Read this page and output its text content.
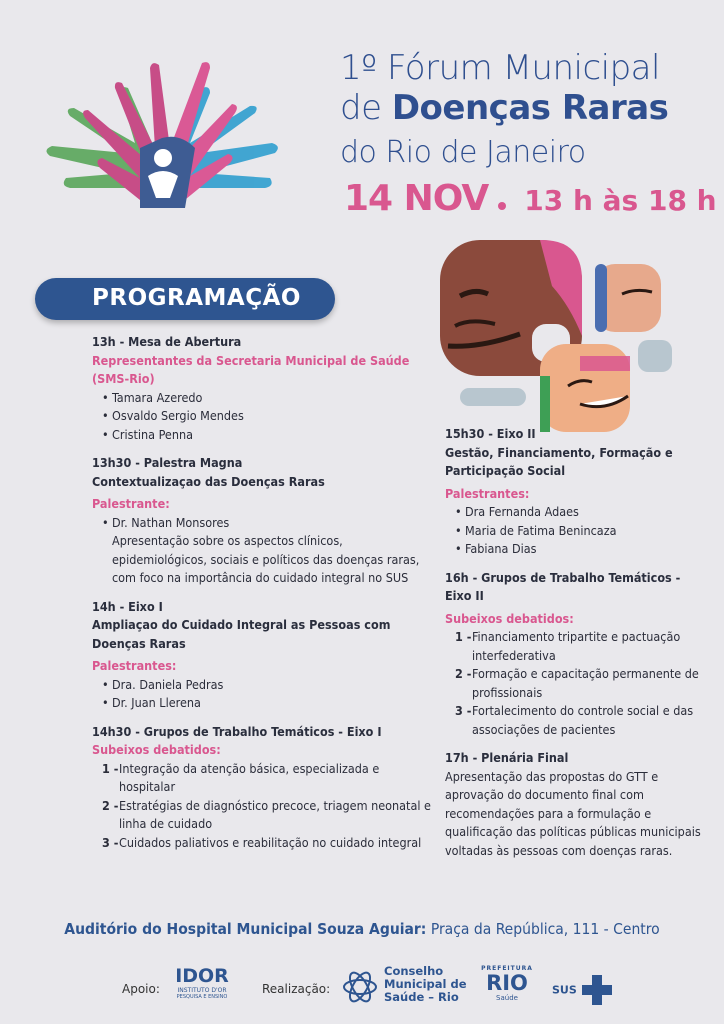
1º Fórum Municipal
de Doenças Raras
do Rio de Janeiro
14 NOV 13 h às 18 h
PROGRAMAÇÃO
13h - Mesa de Abertura
Representantes da Secretaria Municipal de Saúde (SMS-Rio)
• Tamara Azeredo
• Osvaldo Sergio Mendes
• Cristina Penna
13h30 - Palestra Magna
Contextualizaçao das Doenças Raras
Palestrante:
• Dr. Nathan Monsores
Apresentação sobre os aspectos clínicos, epidemiológicos, sociais e políticos das doenças raras, com foco na importância do cuidado integral no SUS
14h - Eixo I
Ampliaçao do Cuidado Integral as Pessoas com Doenças Raras
Palestrantes:
• Dra. Daniela Pedras
• Dr. Juan Llerena
14h30 - Grupos de Trabalho Temáticos - Eixo I
Subeixos debatidos:
1 - Integração da atenção básica, especializada e hospitalar
2 - Estratégias de diagnóstico precoce, triagem neonatal e linha de cuidado
3 - Cuidados paliativos e reabilitação no cuidado integral
15h30 - Eixo II
Gestão, Financiamento, Formação e Participação Social
Palestrantes:
• Dra Fernanda Adaes
• Maria de Fatima Benincaza
• Fabiana Dias
16h - Grupos de Trabalho Temáticos - Eixo II
Subeixos debatidos:
1 - Financiamento tripartite e pactuação interfederativa
2 - Formação e capacitação permanente de profissionais
3 - Fortalecimento do controle social e das associações de pacientes
17h - Plenária Final
Apresentação das propostas do GTT e aprovação do documento final com recomendações para a formulação e qualificação das políticas públicas municipais voltadas às pessoas com doenças raras.
Auditório do Hospital Municipal Souza Aguiar: Praça da República, 111 - Centro
Apoio:
IDOR
INSTITUTO D'OR
PESQUISA E ENSINO
Realização:
Conselho
Municipal de
Saúde – Rio
PREFEITURA
RIO
Saúde
SUS
